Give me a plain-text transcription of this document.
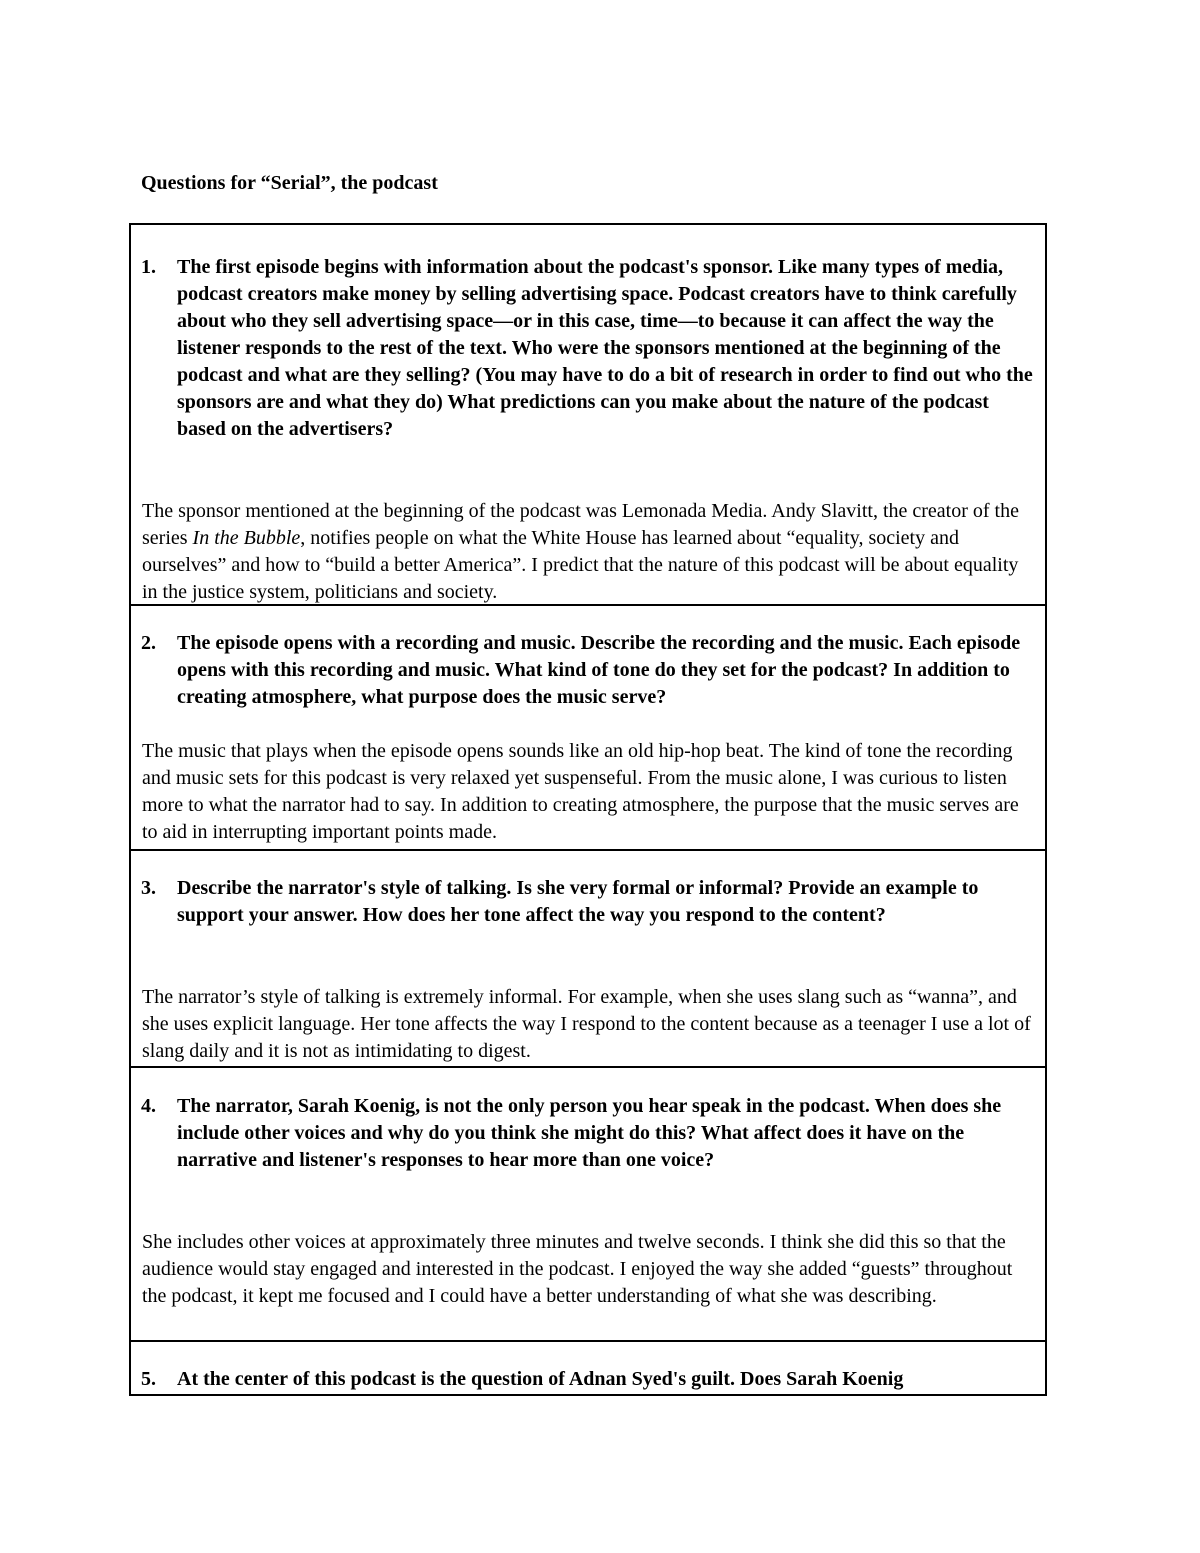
Questions for “Serial”, the podcast
1.	The first episode begins with information about the podcast's sponsor. Like many types of media, podcast creators make money by selling advertising space. Podcast creators have to think carefully about who they sell advertising space—or in this case, time—to because it can affect the way the listener responds to the rest of the text. Who were the sponsors mentioned at the beginning of the podcast and what are they selling? (You may have to do a bit of research in order to find out who the sponsors are and what they do) What predictions can you make about the nature of the podcast based on the advertisers?
The sponsor mentioned at the beginning of the podcast was Lemonada Media. Andy Slavitt, the creator of the series In the Bubble, notifies people on what the White House has learned about “equality, society and ourselves” and how to “build a better America”. I predict that the nature of this podcast will be about equality in the justice system, politicians and society.
2.	The episode opens with a recording and music. Describe the recording and the music. Each episode opens with this recording and music. What kind of tone do they set for the podcast? In addition to creating atmosphere, what purpose does the music serve?
The music that plays when the episode opens sounds like an old hip-hop beat. The kind of tone the recording and music sets for this podcast is very relaxed yet suspenseful. From the music alone, I was curious to listen more to what the narrator had to say. In addition to creating atmosphere, the purpose that the music serves are to aid in interrupting important points made.
3.	Describe the narrator's style of talking. Is she very formal or informal? Provide an example to support your answer. How does her tone affect the way you respond to the content?
The narrator’s style of talking is extremely informal. For example, when she uses slang such as “wanna”, and she uses explicit language. Her tone affects the way I respond to the content because as a teenager I use a lot of slang daily and it is not as intimidating to digest.
4.	The narrator, Sarah Koenig, is not the only person you hear speak in the podcast. When does she include other voices and why do you think she might do this? What affect does it have on the narrative and listener's responses to hear more than one voice?
She includes other voices at approximately three minutes and twelve seconds. I think she did this so that the audience would stay engaged and interested in the podcast. I enjoyed the way she added “guests” throughout the podcast, it kept me focused and I could have a better understanding of what she was describing.
5.	At the center of this podcast is the question of Adnan Syed's guilt. Does Sarah Koenig
